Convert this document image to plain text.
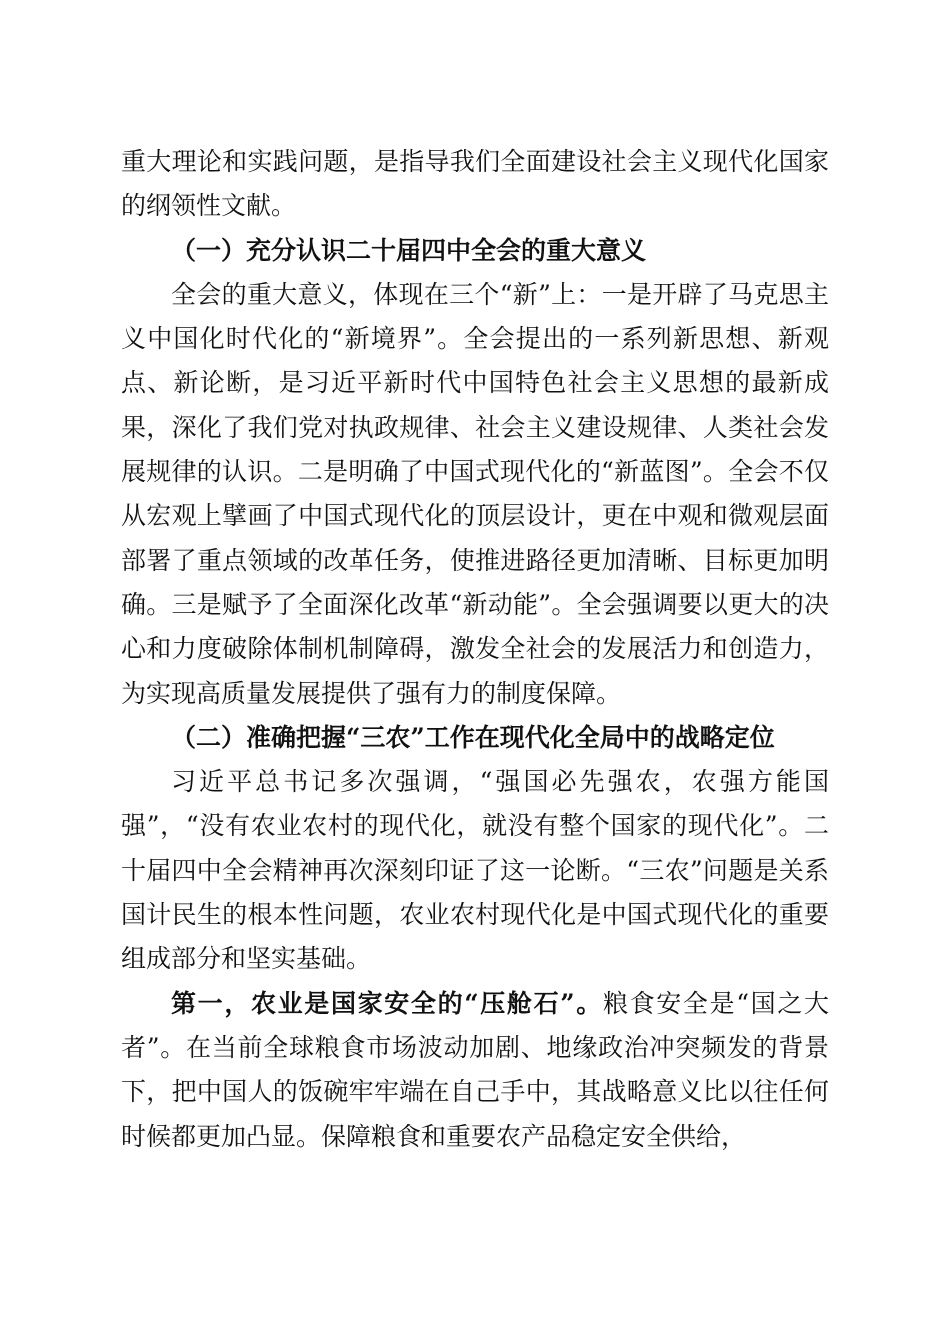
重大理论和实践问题，是指导我们全面建设社会主义现代化国家的纲领性文献。

（一）充分认识二十届四中全会的重大意义

全会的重大意义，体现在三个“新”上：一是开辟了马克思主义中国化时代化的“新境界”。全会提出的一系列新思想、新观点、新论断，是习近平新时代中国特色社会主义思想的最新成果，深化了我们党对执政规律、社会主义建设规律、人类社会发展规律的认识。二是明确了中国式现代化的“新蓝图”。全会不仅从宏观上擘画了中国式现代化的顶层设计，更在中观和微观层面部署了重点领域的改革任务，使推进路径更加清晰、目标更加明确。三是赋予了全面深化改革“新动能”。全会强调要以更大的决心和力度破除体制机制障碍，激发全社会的发展活力和创造力，为实现高质量发展提供了强有力的制度保障。

（二）准确把握“三农”工作在现代化全局中的战略定位

习近平总书记多次强调，“强国必先强农，农强方能国强”，“没有农业农村的现代化，就没有整个国家的现代化”。二十届四中全会精神再次深刻印证了这一论断。“三农”问题是关系国计民生的根本性问题，农业农村现代化是中国式现代化的重要组成部分和坚实基础。

第一，农业是国家安全的“压舱石”。粮食安全是“国之大者”。在当前全球粮食市场波动加剧、地缘政治冲突频发的背景下，把中国人的饭碗牢牢端在自己手中，其战略意义比以往任何时候都更加凸显。保障粮食和重要农产品稳定安全供给，
